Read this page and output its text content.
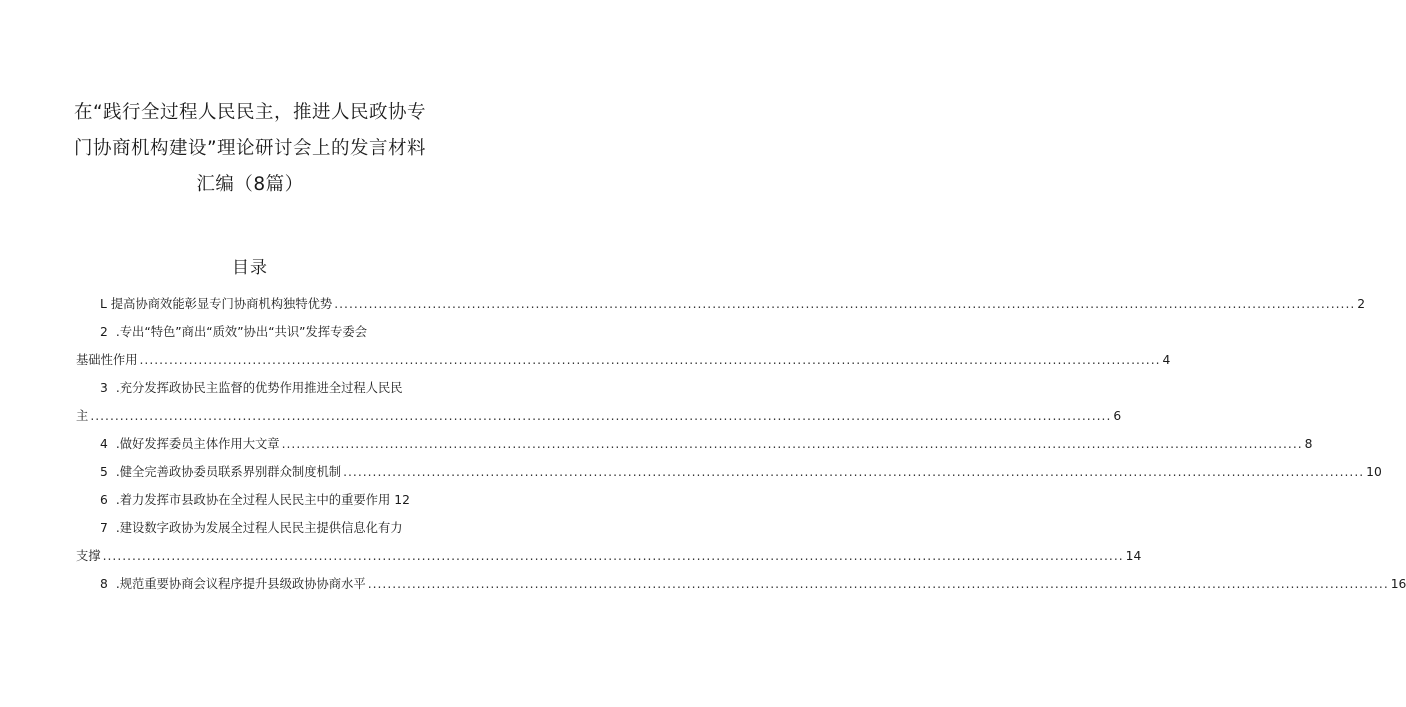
在“践行全过程人民民主，推进人民政协专
门协商机构建设”理论研讨会上的发言材料
汇编（8篇）
目录
L 提高协商效能彰显专门协商机构独特优势 .....	2
2 .专出“特色”商出“质效”协出“共识”发挥专委会
基础性作用 .....	4
3 .充分发挥政协民主监督的优势作用推进全过程人民民
主 .....	6
4 .做好发挥委员主体作用大文章 .....	8
5 .健全完善政协委员联系界别群众制度机制 .....	10
6 .着力发挥市县政协在全过程人民民主中的重要作用 12
7 .建设数字政协为发展全过程人民民主提供信息化有力
支撑 .....	14
8 .规范重要协商会议程序提升县级政协协商水平 .....	16
